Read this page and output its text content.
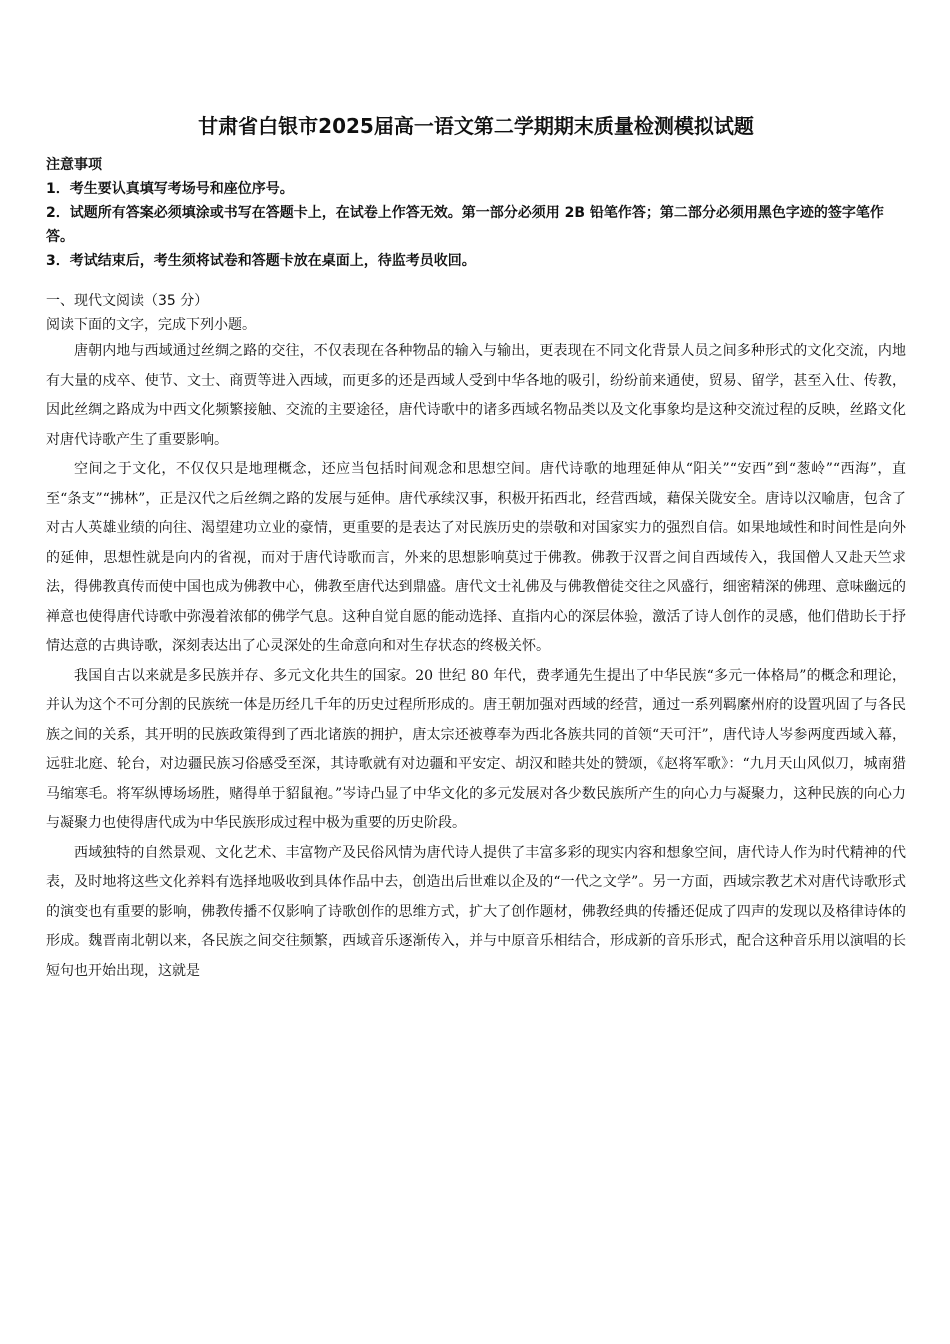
甘肃省白银市2025届高一语文第二学期期末质量检测模拟试题
注意事项
1．考生要认真填写考场号和座位序号。
2．试题所有答案必须填涂或书写在答题卡上，在试卷上作答无效。第一部分必须用 2B 铅笔作答；第二部分必须用黑色字迹的签字笔作答。
3．考试结束后，考生须将试卷和答题卡放在桌面上，待监考员收回。
一、现代文阅读（35 分）
阅读下面的文字，完成下列小题。

唐朝内地与西域通过丝绸之路的交往，不仅表现在各种物品的输入与输出，更表现在不同文化背景人员之间多种形式的文化交流，内地有大量的戍卒、使节、文士、商贾等进入西域，而更多的还是西域人受到中华各地的吸引，纷纷前来通使，贸易、留学，甚至入仕、传教，因此丝绸之路成为中西文化频繁接触、交流的主要途径，唐代诗歌中的诸多西域名物品类以及文化事象均是这种交流过程的反映，丝路文化对唐代诗歌产生了重要影响。

空间之于文化，不仅仅只是地理概念，还应当包括时间观念和思想空间。唐代诗歌的地理延伸从“阳关”“安西”到“葱岭”“西海”，直至“条支”“拂林”，正是汉代之后丝绸之路的发展与延伸。唐代承续汉事，积极开拓西北，经营西域，藉保关陇安全。唐诗以汉喻唐，包含了对古人英雄业绩的向往、渴望建功立业的豪情，更重要的是表达了对民族历史的崇敬和对国家实力的强烈自信。如果地域性和时间性是向外的延伸，思想性就是向内的省视，而对于唐代诗歌而言，外来的思想影响莫过于佛教。佛教于汉晋之间自西域传入，我国僧人又赴天竺求法，得佛教真传而使中国也成为佛教中心，佛教至唐代达到鼎盛。唐代文士礼佛及与佛教僧徒交往之风盛行，细密精深的佛理、意味幽远的禅意也使得唐代诗歌中弥漫着浓郁的佛学气息。这种自觉自愿的能动选择、直指内心的深层体验，激活了诗人创作的灵感，他们借助长于抒情达意的古典诗歌，深刻表达出了心灵深处的生命意向和对生存状态的终极关怀。

我国自古以来就是多民族并存、多元文化共生的国家。20 世纪 80 年代，费孝通先生提出了中华民族“多元一体格局”的概念和理论，并认为这个不可分割的民族统一体是历经几千年的历史过程所形成的。唐王朝加强对西域的经营，通过一系列羁縻州府的设置巩固了与各民族之间的关系，其开明的民族政策得到了西北诸族的拥护，唐太宗还被尊奉为西北各族共同的首领“天可汗”，唐代诗人岑参两度西域入幕，远驻北庭、轮台，对边疆民族习俗感受至深，其诗歌就有对边疆和平安定、胡汉和睦共处的赞颂，《赵将军歌》：“九月天山风似刀，城南猎马缩寒毛。将军纵博场场胜，赌得单于貂鼠袍。”岑诗凸显了中华文化的多元发展对各少数民族所产生的向心力与凝聚力，这种民族的向心力与凝聚力也使得唐代成为中华民族形成过程中极为重要的历史阶段。

西域独特的自然景观、文化艺术、丰富物产及民俗风情为唐代诗人提供了丰富多彩的现实内容和想象空间，唐代诗人作为时代精神的代表，及时地将这些文化养料有选择地吸收到具体作品中去，创造出后世难以企及的“一代之文学”。另一方面，西域宗教艺术对唐代诗歌形式的演变也有重要的影响，佛教传播不仅影响了诗歌创作的思维方式，扩大了创作题材，佛教经典的传播还促成了四声的发现以及格律诗体的形成。魏晋南北朝以来，各民族之间交往频繁，西域音乐逐渐传入，并与中原音乐相结合，形成新的音乐形式，配合这种音乐用以演唱的长短句也开始出现，这就是
